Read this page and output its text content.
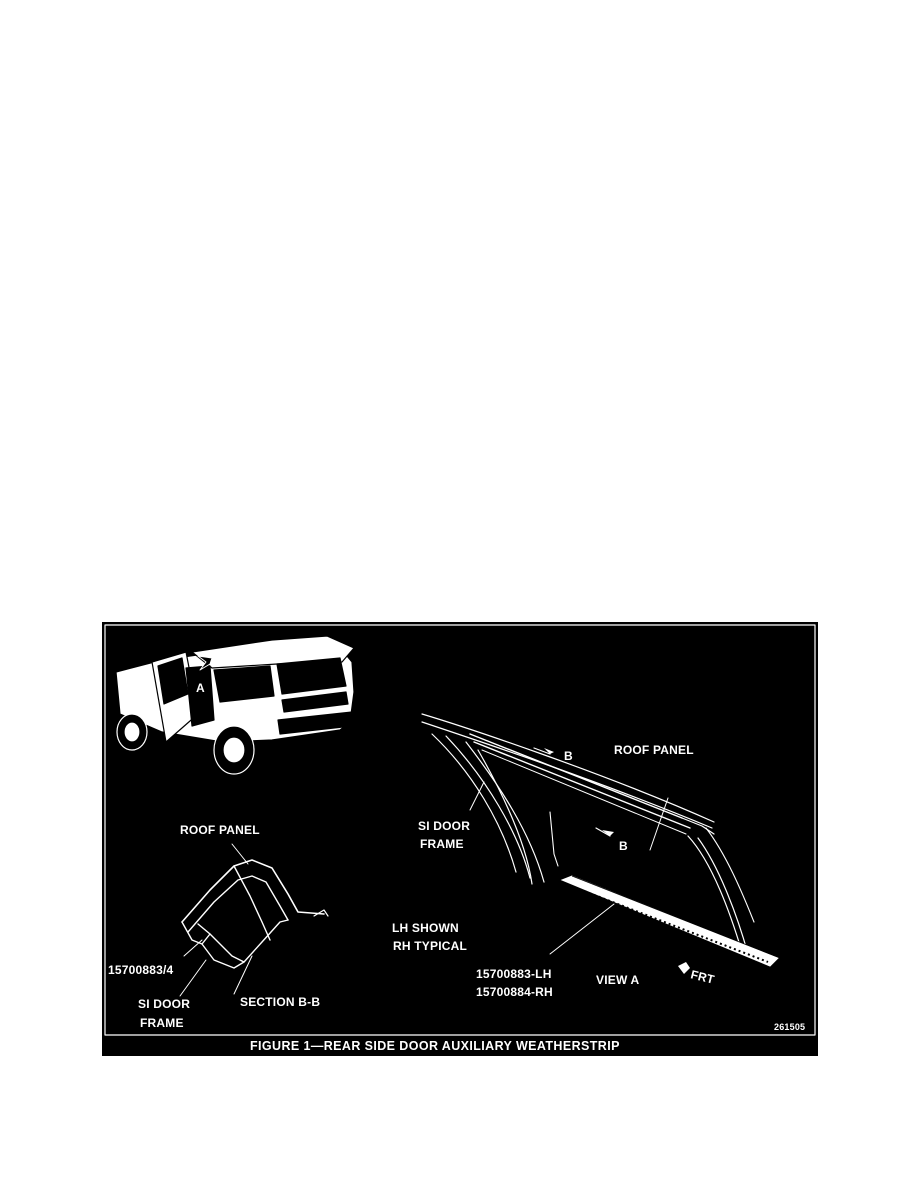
A
ROOF PANEL
15700883/4
SI DOOR
FRAME
SECTION B-B
B
B
ROOF PANEL
SI DOOR
FRAME
LH SHOWN
RH TYPICAL
15700883-LH
15700884-RH
VIEW A	FRT
261505
FIGURE 1—REAR SIDE DOOR AUXILIARY WEATHERSTRIP
